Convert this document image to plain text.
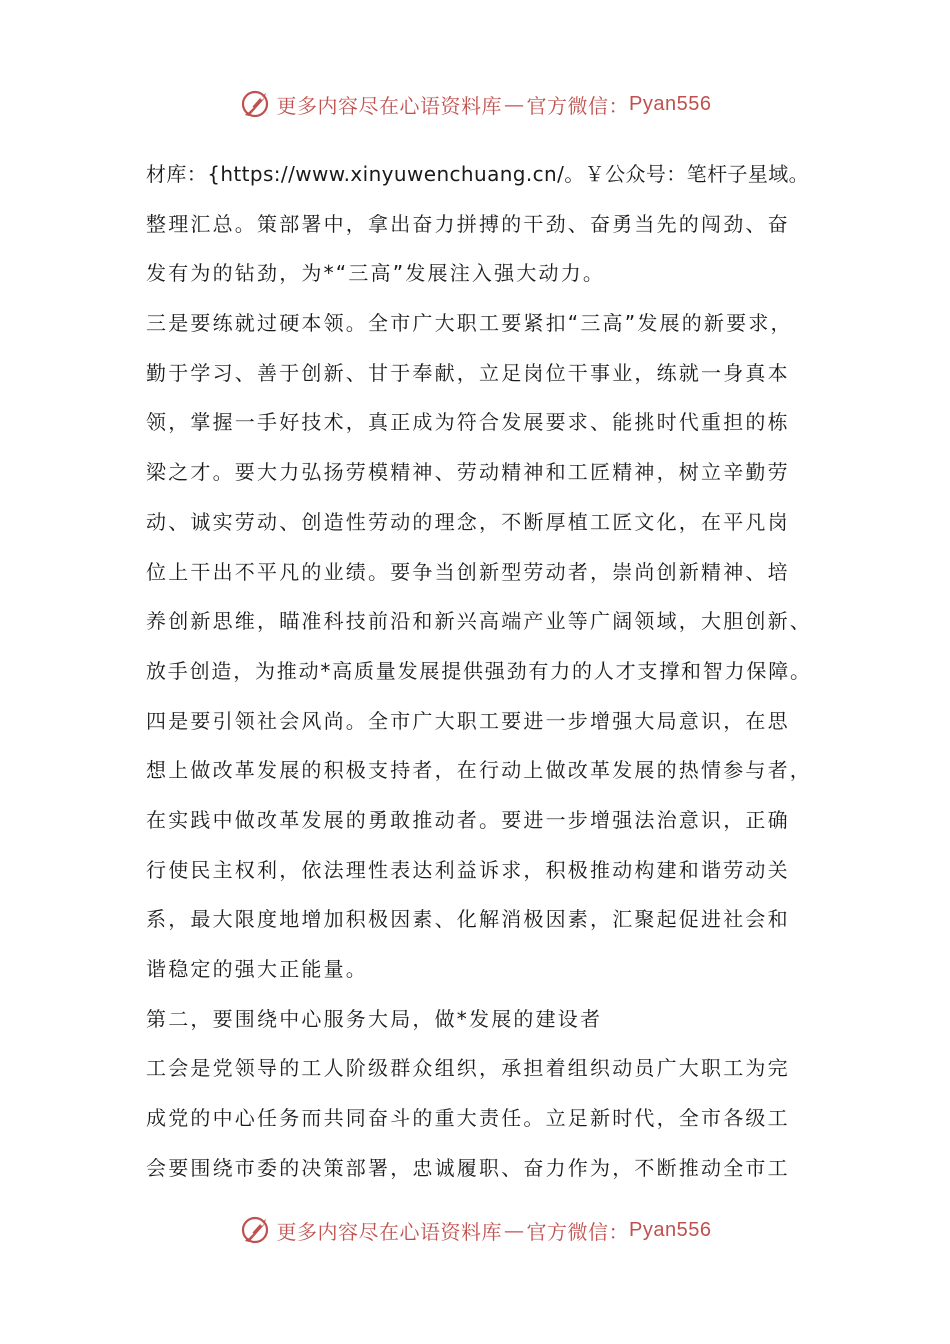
更多内容尽在心语资料库 — 官方微信： Pyan556
材库：{https://www.xinyuwenchuang.cn/。￥公众号：笔杆子星域。
整理汇总。策部署中，拿出奋力拼搏的干劲、奋勇当先的闯劲、奋
发有为的钻劲，为*“三高”发展注入强大动力。
三是要练就过硬本领。全市广大职工要紧扣“三高”发展的新要求，
勤于学习、善于创新、甘于奉献，立足岗位干事业，练就一身真本
领，掌握一手好技术，真正成为符合发展要求、能挑时代重担的栋
梁之才。要大力弘扬劳模精神、劳动精神和工匠精神，树立辛勤劳
动、诚实劳动、创造性劳动的理念，不断厚植工匠文化，在平凡岗
位上干出不平凡的业绩。要争当创新型劳动者，崇尚创新精神、培
养创新思维，瞄准科技前沿和新兴高端产业等广阔领域，大胆创新、
放手创造，为推动*高质量发展提供强劲有力的人才支撑和智力保障。
四是要引领社会风尚。全市广大职工要进一步增强大局意识，在思
想上做改革发展的积极支持者，在行动上做改革发展的热情参与者，
在实践中做改革发展的勇敢推动者。要进一步增强法治意识，正确
行使民主权利，依法理性表达利益诉求，积极推动构建和谐劳动关
系，最大限度地增加积极因素、化解消极因素，汇聚起促进社会和
谐稳定的强大正能量。
第二，要围绕中心服务大局，做*发展的建设者
工会是党领导的工人阶级群众组织，承担着组织动员广大职工为完
成党的中心任务而共同奋斗的重大责任。立足新时代，全市各级工
会要围绕市委的决策部署，忠诚履职、奋力作为，不断推动全市工
更多内容尽在心语资料库 — 官方微信： Pyan556
